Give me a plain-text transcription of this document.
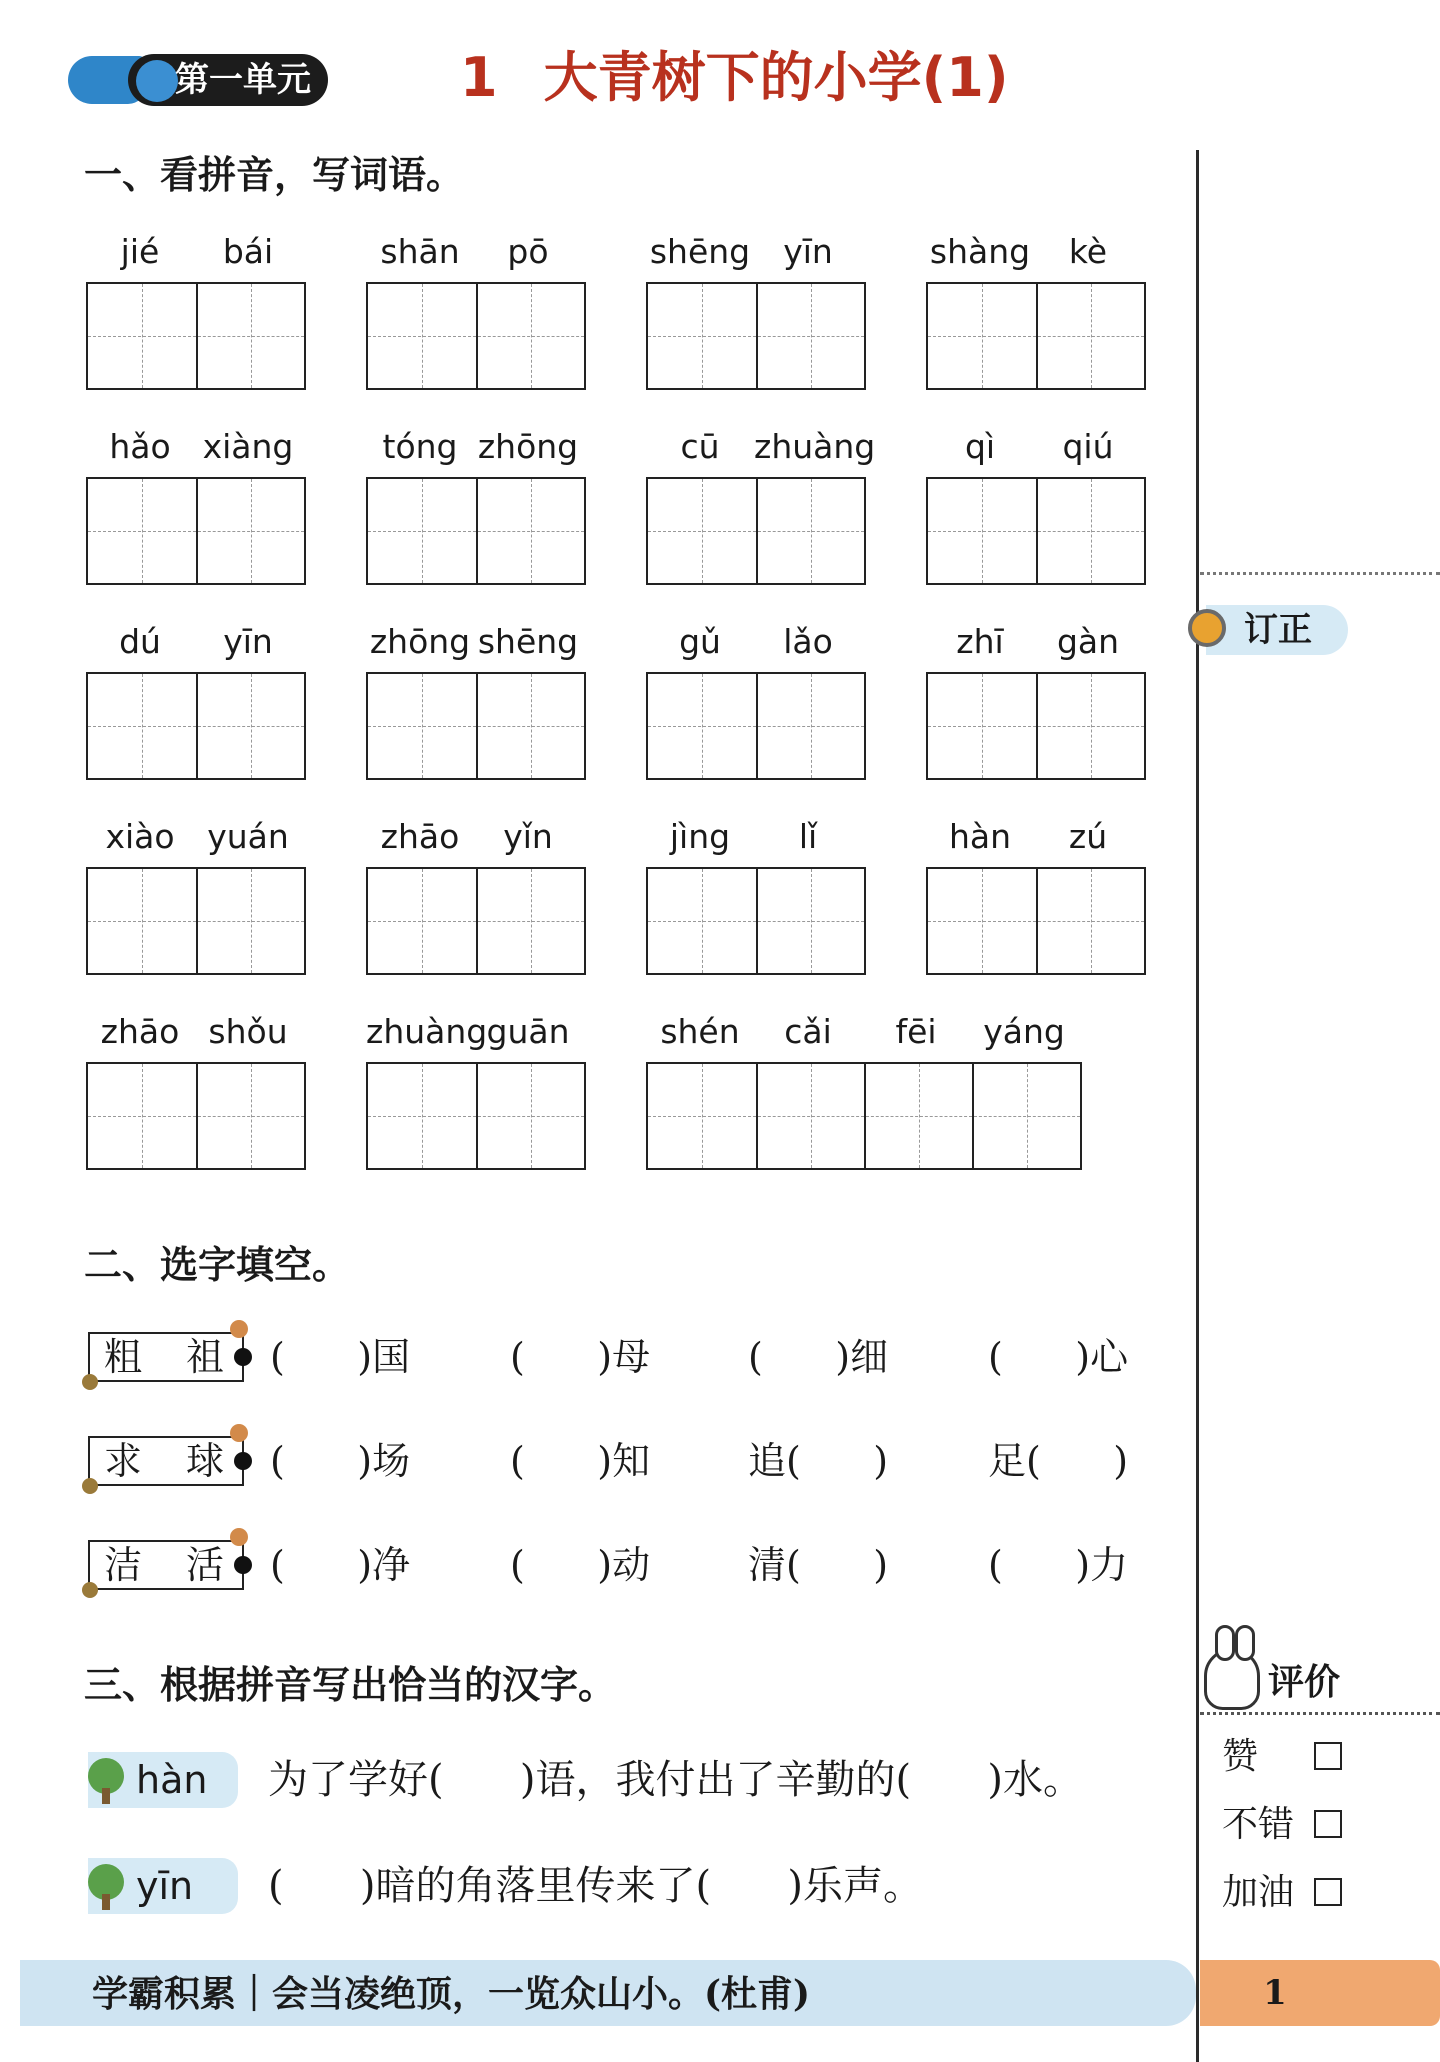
第一单元	1 大青树下的小学(1)
订正
评价
赞
不错
加油
一、看拼音，写词语。
jié	bái	shān	pō	shēng	yīn	shàng	kè
hǎo xiàng	tóng zhōng	cū	zhuàng	qì	qiú
dú	yīn	zhōng shēng	gǔ	lǎo	zhī	gàn
xiào yuán	zhāo	yǐn	jìng	lǐ	hàn	zú
zhāo shǒu	zhuàng guān	shén	cǎi	fēi	yáng
二、选字填空。
粗 祖 (      )国	(      )母	(      )细	(      )心
求 球 (      )场	(      )知	追(      )	足(      )
洁 活 (      )净	(      )动	清(      )	(      )力
三、根据拼音写出恰当的汉字。
hàn 为了学好(      )语，我付出了辛勤的(      )水。
yīn (      )暗的角落里传来了(      )乐声。
学霸积累｜会当凌绝顶，一览众山小。(杜甫)	1
